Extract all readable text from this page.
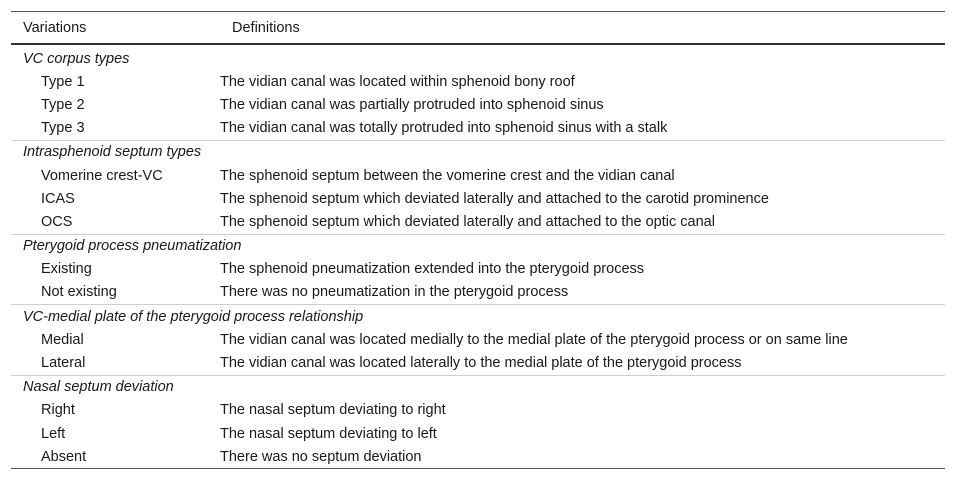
Variations	Definitions
VC corpus types	
Type 1	The vidian canal was located within sphenoid bony roof
Type 2	The vidian canal was partially protruded into sphenoid sinus
Type 3	The vidian canal was totally protruded into sphenoid sinus with a stalk
Intrasphenoid septum types	
Vomerine crest-VC	The sphenoid septum between the vomerine crest and the vidian canal
ICAS	The sphenoid septum which deviated laterally and attached to the carotid prominence
OCS	The sphenoid septum which deviated laterally and attached to the optic canal
Pterygoid process pneumatization	
Existing	The sphenoid pneumatization extended into the pterygoid process
Not existing	There was no pneumatization in the pterygoid process
VC-medial plate of the pterygoid process relationship	
Medial	The vidian canal was located medially to the medial plate of the pterygoid process or on same line
Lateral	The vidian canal was located laterally to the medial plate of the pterygoid process
Nasal septum deviation	
Right	The nasal septum deviating to right
Left	The nasal septum deviating to left
Absent	There was no septum deviation
